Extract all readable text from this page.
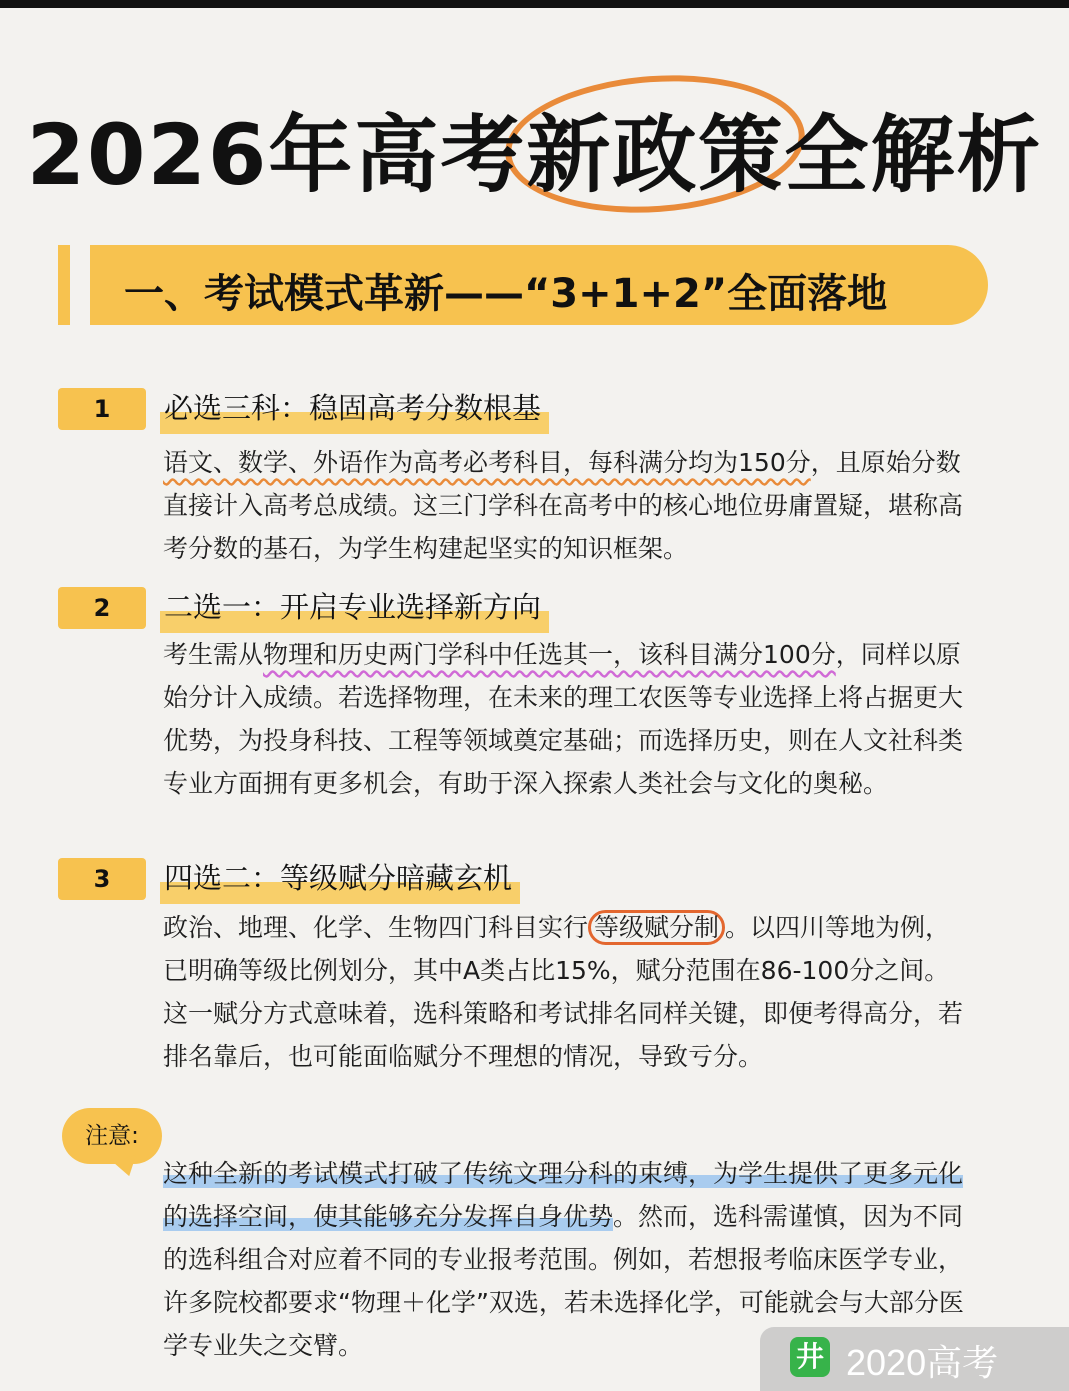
2026年高考新政策全解析
一、考试模式革新——“3+1+2”全面落地
1	必选三科：稳固高考分数根基

语文、数学、外语作为高考必考科目，每科满分均为150分，且原始分数直接计入高考总成绩。这三门学科在高考中的核心地位毋庸置疑，堪称高考分数的基石，为学生构建起坚实的知识框架。

2	二选一：开启专业选择新方向

考生需从物理和历史两门学科中任选其一，该科目满分100分，同样以原始分计入成绩。若选择物理，在未来的理工农医等专业选择上将占据更大优势，为投身科技、工程等领域奠定基础；而选择历史，则在人文社科类专业方面拥有更多机会，有助于深入探索人类社会与文化的奥秘。

3	四选二：等级赋分暗藏玄机

政治、地理、化学、生物四门科目实行 等级赋分制 。以四川等地为例，已明确等级比例划分，其中A类占比15%，赋分范围在86-100分之间。这一赋分方式意味着，选科策略和考试排名同样关键，即便考得高分，若排名靠后，也可能面临赋分不理想的情况，导致亏分。

注意:

这种全新的考试模式打破了传统文理分科的束缚，为学生提供了更多元化的选择空间，使其能够充分发挥自身优势。然而，选科需谨慎，因为不同的选科组合对应着不同的专业报考范围。例如，若想报考临床医学专业，许多院校都要求“物理＋化学”双选，若未选择化学，可能就会与大部分医学专业失之交臂。	井 2020高考
